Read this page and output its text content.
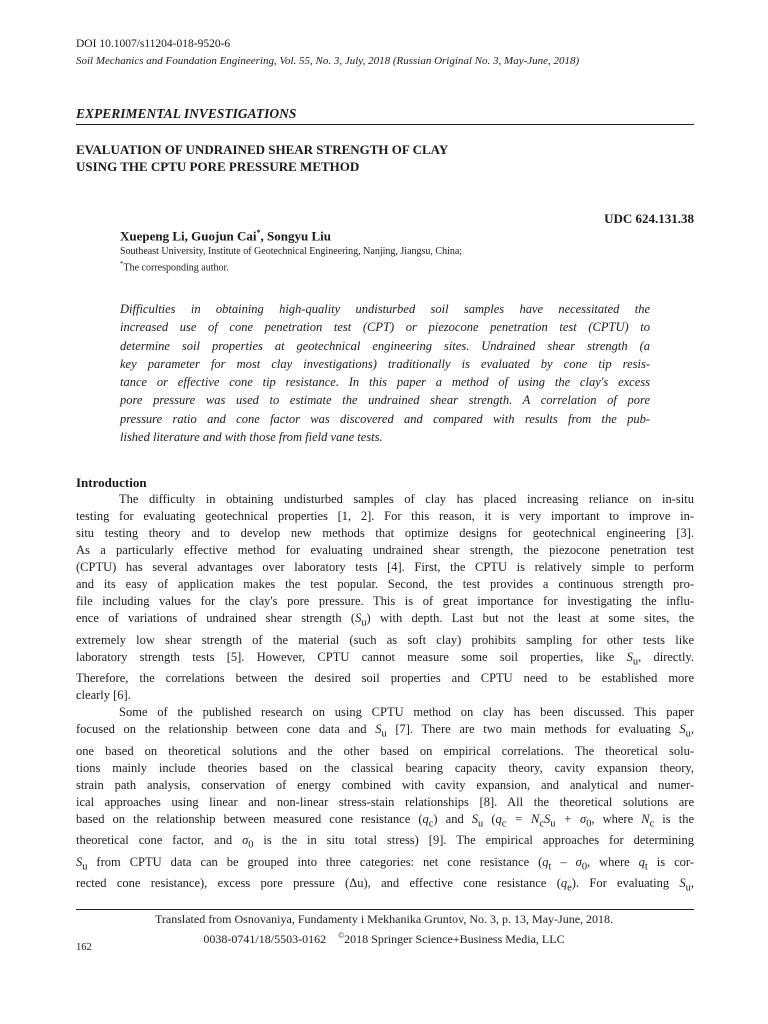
DOI 10.1007/s11204-018-9520-6
Soil Mechanics and Foundation Engineering, Vol. 55, No. 3, July, 2018 (Russian Original No. 3, May-June, 2018)
EXPERIMENTAL INVESTIGATIONS
EVALUATION OF UNDRAINED SHEAR STRENGTH OF CLAY
USING THE CPTU PORE PRESSURE METHOD
UDC 624.131.38
Xuepeng Li, Guojun Cai*, Songyu Liu
Southeast University, Institute of Geotechnical Engineering, Nanjing, Jiangsu, China;
*The corresponding author.
Difficulties in obtaining high-quality undisturbed soil samples have necessitated the
increased use of cone penetration test (CPT) or piezocone penetration test (CPTU) to
determine soil properties at geotechnical engineering sites. Undrained shear strength (a
key parameter for most clay investigations) traditionally is evaluated by cone tip resis-
tance or effective cone tip resistance. In this paper a method of using the clay's excess
pore pressure was used to estimate the undrained shear strength. A correlation of pore
pressure ratio and cone factor was discovered and compared with results from the pub-
lished literature and with those from field vane tests.
Introduction
The difficulty in obtaining undisturbed samples of clay has placed increasing reliance on in-situ
testing for evaluating geotechnical properties [1, 2]. For this reason, it is very important to improve in-
situ testing theory and to develop new methods that optimize designs for geotechnical engineering [3].
As a particularly effective method for evaluating undrained shear strength, the piezocone penetration test
(CPTU) has several advantages over laboratory tests [4]. First, the CPTU is relatively simple to perform
and its easy of application makes the test popular. Second, the test provides a continuous strength pro-
file including values for the clay's pore pressure. This is of great importance for investigating the influ-
ence of variations of undrained shear strength $(S_u)$ with depth. Last but not the least at some sites, the
extremely low shear strength of the material (such as soft clay) prohibits sampling for other tests like
laboratory strength tests [5]. However, CPTU cannot measure some soil properties, like $S_u$, directly.
Therefore, the correlations between the desired soil properties and CPTU need to be established more
clearly [6].
Some of the published research on using CPTU method on clay has been discussed. This paper
focused on the relationship between cone data and $S_u$ [7]. There are two main methods for evaluating $S_u$,
one based on theoretical solutions and the other based on empirical correlations. The theoretical solu-
tions mainly include theories based on the classical bearing capacity theory, cavity expansion theory,
strain path analysis, conservation of energy combined with cavity expansion, and analytical and numer-
ical approaches using linear and non-linear stress-stain relationships [8]. All the theoretical solutions are
based on the relationship between measured cone resistance $(q_c)$ and $S_u$ ($q_c = N_cS_u + \sigma_0$, where $N_c$ is the
theoretical cone factor, and $\sigma_0$ is the in situ total stress) [9]. The empirical approaches for determining
$S_u$ from CPTU data can be grouped into three categories: net cone resistance ($q_t - \sigma_0$, where $q_t$ is cor-
rected cone resistance), excess pore pressure (Δu), and effective cone resistance $(q_e)$. For evaluating $S_u$,
Translated from Osnovaniya, Fundamenty i Mekhanika Gruntov, No. 3, p. 13, May-June, 2018.
0038-0741/18/5503-0162 ©2018 Springer Science+Business Media, LLC
162
